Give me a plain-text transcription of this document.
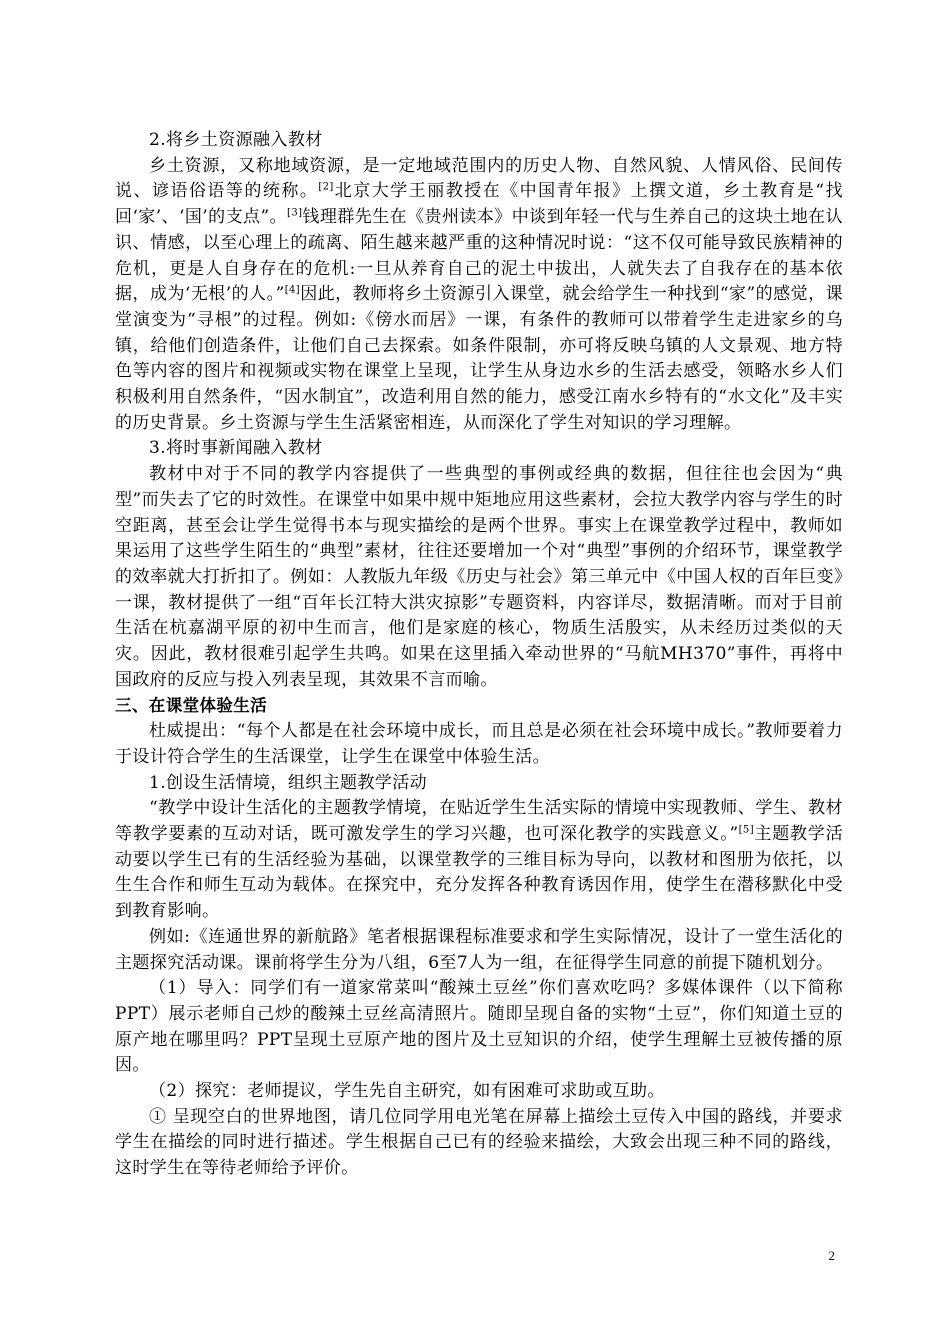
2.将乡土资源融入教材

乡土资源，又称地域资源，是一定地域范围内的历史人物、自然风貌、人情风俗、民间传说、谚语俗语等的统称。[2]北京大学王丽教授在《中国青年报》上撰文道，乡土教育是“找回‘家’、‘国’的支点”。[3]钱理群先生在《贵州读本》中谈到年轻一代与生养自己的这块土地在认识、情感，以至心理上的疏离、陌生越来越严重的这种情况时说：“这不仅可能导致民族精神的危机，更是人自身存在的危机:一旦从养育自己的泥土中拔出，人就失去了自我存在的基本依据，成为‘无根’的人。”[4]因此，教师将乡土资源引入课堂，就会给学生一种找到“家”的感觉，课堂演变为“寻根”的过程。例如:《傍水而居》一课，有条件的教师可以带着学生走进家乡的乌镇，给他们创造条件，让他们自己去探索。如条件限制，亦可将反映乌镇的人文景观、地方特色等内容的图片和视频或实物在课堂上呈现，让学生从身边水乡的生活去感受，领略水乡人们积极利用自然条件，“因水制宜”，改造利用自然的能力，感受江南水乡特有的“水文化”及丰实的历史背景。乡土资源与学生生活紧密相连，从而深化了学生对知识的学习理解。

3.将时事新闻融入教材

教材中对于不同的教学内容提供了一些典型的事例或经典的数据，但往往也会因为“典型”而失去了它的时效性。在课堂中如果中规中矩地应用这些素材，会拉大教学内容与学生的时空距离，甚至会让学生觉得书本与现实描绘的是两个世界。事实上在课堂教学过程中，教师如果运用了这些学生陌生的“典型”素材，往往还要增加一个对“典型”事例的介绍环节，课堂教学的效率就大打折扣了。例如：人教版九年级《历史与社会》第三单元中《中国人权的百年巨变》一课，教材提供了一组“百年长江特大洪灾掠影”专题资料，内容详尽，数据清晰。而对于目前生活在杭嘉湖平原的初中生而言，他们是家庭的核心，物质生活殷实，从未经历过类似的天灾。因此，教材很难引起学生共鸣。如果在这里插入牵动世界的“马航MH370”事件，再将中国政府的反应与投入列表呈现，其效果不言而喻。

三、在课堂体验生活

杜威提出：“每个人都是在社会环境中成长，而且总是必须在社会环境中成长。”教师要着力于设计符合学生的生活课堂，让学生在课堂中体验生活。

1.创设生活情境，组织主题教学活动

“教学中设计生活化的主题教学情境，在贴近学生生活实际的情境中实现教师、学生、教材等教学要素的互动对话，既可激发学生的学习兴趣，也可深化教学的实践意义。”[5]主题教学活动要以学生已有的生活经验为基础，以课堂教学的三维目标为导向，以教材和图册为依托，以生生合作和师生互动为载体。在探究中，充分发挥各种教育诱因作用，使学生在潜移默化中受到教育影响。

例如:《连通世界的新航路》笔者根据课程标准要求和学生实际情况，设计了一堂生活化的主题探究活动课。课前将学生分为八组，6至7人为一组，在征得学生同意的前提下随机划分。

（1）导入：同学们有一道家常菜叫“酸辣土豆丝”你们喜欢吃吗？多媒体课件（以下简称PPT）展示老师自己炒的酸辣土豆丝高清照片。随即呈现自备的实物“土豆”，你们知道土豆的原产地在哪里吗？PPT呈现土豆原产地的图片及土豆知识的介绍，使学生理解土豆被传播的原因。

（2）探究：老师提议，学生先自主研究，如有困难可求助或互助。

① 呈现空白的世界地图，请几位同学用电光笔在屏幕上描绘土豆传入中国的路线，并要求学生在描绘的同时进行描述。学生根据自己已有的经验来描绘，大致会出现三种不同的路线，这时学生在等待老师给予评价。

2
